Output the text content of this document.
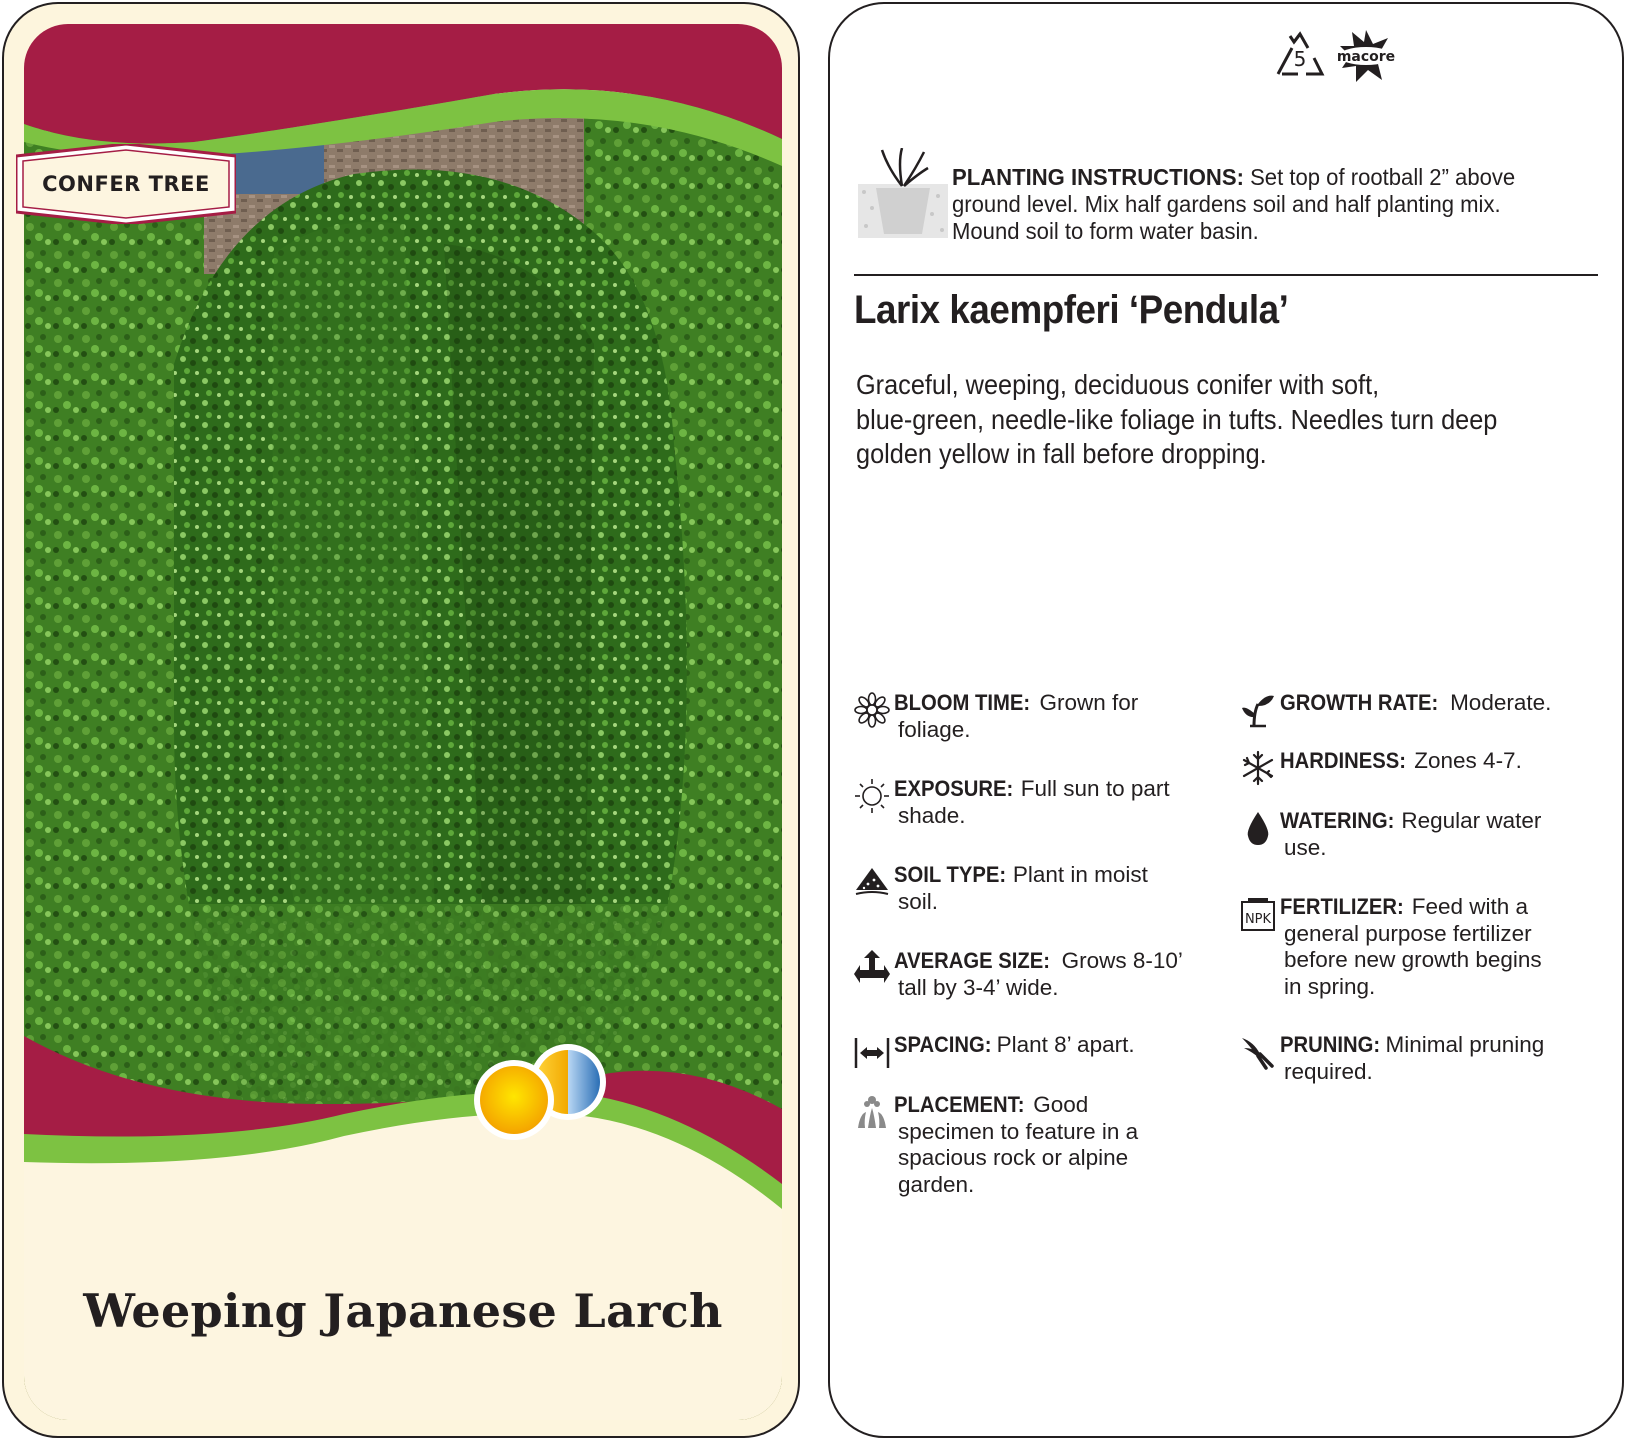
CONFER TREE
Weeping Japanese Larch
5 macore
PLANTING INSTRUCTIONS: Set top of rootball 2” above
ground level. Mix half gardens soil and half planting mix.
Mound soil to form water basin.
Larix kaempferi ‘Pendula’
Graceful, weeping, deciduous conifer with soft,
blue-green, needle-like foliage in tufts. Needles turn deep
golden yellow in fall before dropping.
BLOOM TIME: Grown for
foliage.
EXPOSURE: Full sun to part
shade.
SOIL TYPE: Plant in moist
soil.
AVERAGE SIZE: Grows 8-10’
tall by 3-4’ wide.
SPACING: Plant 8’ apart.
PLACEMENT: Good
specimen to feature in a
spacious rock or alpine
garden.
GROWTH RATE: Moderate.
HARDINESS: Zones 4-7.
WATERING: Regular water
use.
NPK
FERTILIZER: Feed with a
general purpose fertilizer
before new growth begins
in spring.
PRUNING: Minimal pruning
required.
